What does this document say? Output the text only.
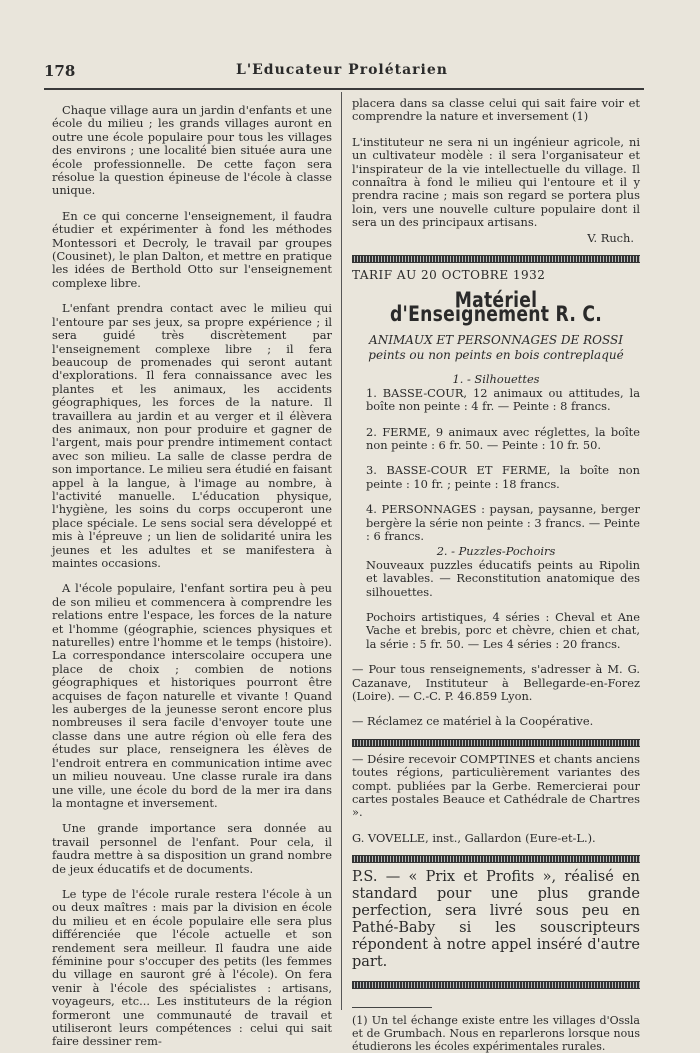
178	L'Educateur Prolétarien

Chaque village aura un jardin d'enfants et une école du milieu ; les grands villages auront en outre une école populaire pour tous les villages des environs ; une localité bien située aura une école professionnelle. De cette façon sera résolue la question épineuse de l'école à classe unique.

En ce qui concerne l'enseignement, il faudra étudier et expérimenter à fond les méthodes Montessori et Decroly, le travail par groupes (Cousinet), le plan Dalton, et mettre en pratique les idées de Berthold Otto sur l'enseignement complexe libre.

L'enfant prendra contact avec le milieu qui l'entoure par ses jeux, sa propre expérience ; il sera guidé très discrètement par l'enseignement complexe libre ; il fera beaucoup de promenades qui seront autant d'explorations. Il fera connaissance avec les plantes et les animaux, les accidents géographiques, les forces de la nature. Il travaillera au jardin et au verger et il élèvera des animaux, non pour produire et gagner de l'argent, mais pour prendre intimement contact avec son milieu. La salle de classe perdra de son importance. Le milieu sera étudié en faisant appel à la langue, à l'image au nombre, à l'activité manuelle. L'éducation physique, l'hygiène, les soins du corps occuperont une place spéciale. Le sens social sera développé et mis à l'épreuve ; un lien de solidarité unira les jeunes et les adultes et se manifestera à maintes occasions.

A l'école populaire, l'enfant sortira peu à peu de son milieu et commencera à comprendre les relations entre l'espace, les forces de la nature et l'homme (géographie, sciences physiques et naturelles) entre l'homme et le temps (histoire). La correspondance interscolaire occupera une place de choix ; combien de notions géographiques et historiques pourront être acquises de façon naturelle et vivante ! Quand les auberges de la jeunesse seront encore plus nombreuses il sera facile d'envoyer toute une classe dans une autre région où elle fera des études sur place, renseignera les élèves de l'endroit entrera en communication intime avec un milieu nouveau. Une classe rurale ira dans une ville, une école du bord de la mer ira dans la montagne et inversement.

Une grande importance sera donnée au travail personnel de l'enfant. Pour cela, il faudra mettre à sa disposition un grand nombre de jeux éducatifs et de documents.

Le type de l'école rurale restera l'école à un ou deux maîtres : mais par la division en école du milieu et en école populaire elle sera plus différenciée que l'école actuelle et son rendement sera meilleur. Il faudra une aide féminine pour s'occuper des petits (les femmes du village en sauront gré à l'école). On fera venir à l'école des spécialistes : artisans, voyageurs, etc... Les instituteurs de la région formeront une communauté de travail et utiliseront leurs compétences : celui qui sait faire dessiner rem-

placera dans sa classe celui qui sait faire voir et comprendre la nature et inversement (1)

L'instituteur ne sera ni un ingénieur agricole, ni un cultivateur modèle : il sera l'organisateur et l'inspirateur de la vie intellectuelle du village. Il connaîtra à fond le milieu qui l'entoure et il y prendra racine ; mais son regard se portera plus loin, vers une nouvelle culture populaire dont il sera un des principaux artisans.

V. Ruch.
TARIF AU 20 OCTOBRE 1932
Matériel d'Enseignement R. C.
ANIMAUX ET PERSONNAGES DE ROSSI
peints ou non peints en bois contreplaqué
1. - Silhouettes

1. BASSE-COUR, 12 animaux ou attitudes, la boîte non peinte : 4 fr. — Peinte : 8 francs.

2. FERME, 9 animaux avec réglettes, la boîte non peinte : 6 fr. 50. — Peinte : 10 fr. 50.

3. BASSE-COUR ET FERME, la boîte non peinte : 10 fr. ; peinte : 18 francs.

4. PERSONNAGES : paysan, paysanne, berger bergère la série non peinte : 3 francs. — Peinte : 6 francs.

2. - Puzzles-Pochoirs

Nouveaux puzzles éducatifs peints au Ripolin et lavables. — Reconstitution anatomique des silhouettes.

Pochoirs artistiques, 4 séries : Cheval et Ane Vache et brebis, porc et chèvre, chien et chat, la série : 5 fr. 50. — Les 4 séries : 20 francs.

— Pour tous renseignements, s'adresser à M. G. Cazanave, Instituteur à Bellegarde-en-Forez (Loire). — C.-C. P. 46.859 Lyon.

— Réclamez ce matériel à la Coopérative.

— Désire recevoir COMPTINES et chants anciens toutes régions, particulièrement variantes des compt. publiées par la Gerbe. Remercierai pour cartes postales Beauce et Cathédrale de Chartres ».

G. VOVELLE, inst., Gallardon (Eure-et-L.).

P.S. — « Prix et Profits », réalisé en standard pour une plus grande perfection, sera livré sous peu en Pathé-Baby si les souscripteurs répondent à notre appel inséré d'autre part.

(1) Un tel échange existe entre les villages d'Ossla et de Grumbach. Nous en reparlerons lorsque nous étudierons les écoles expérimentales rurales.
